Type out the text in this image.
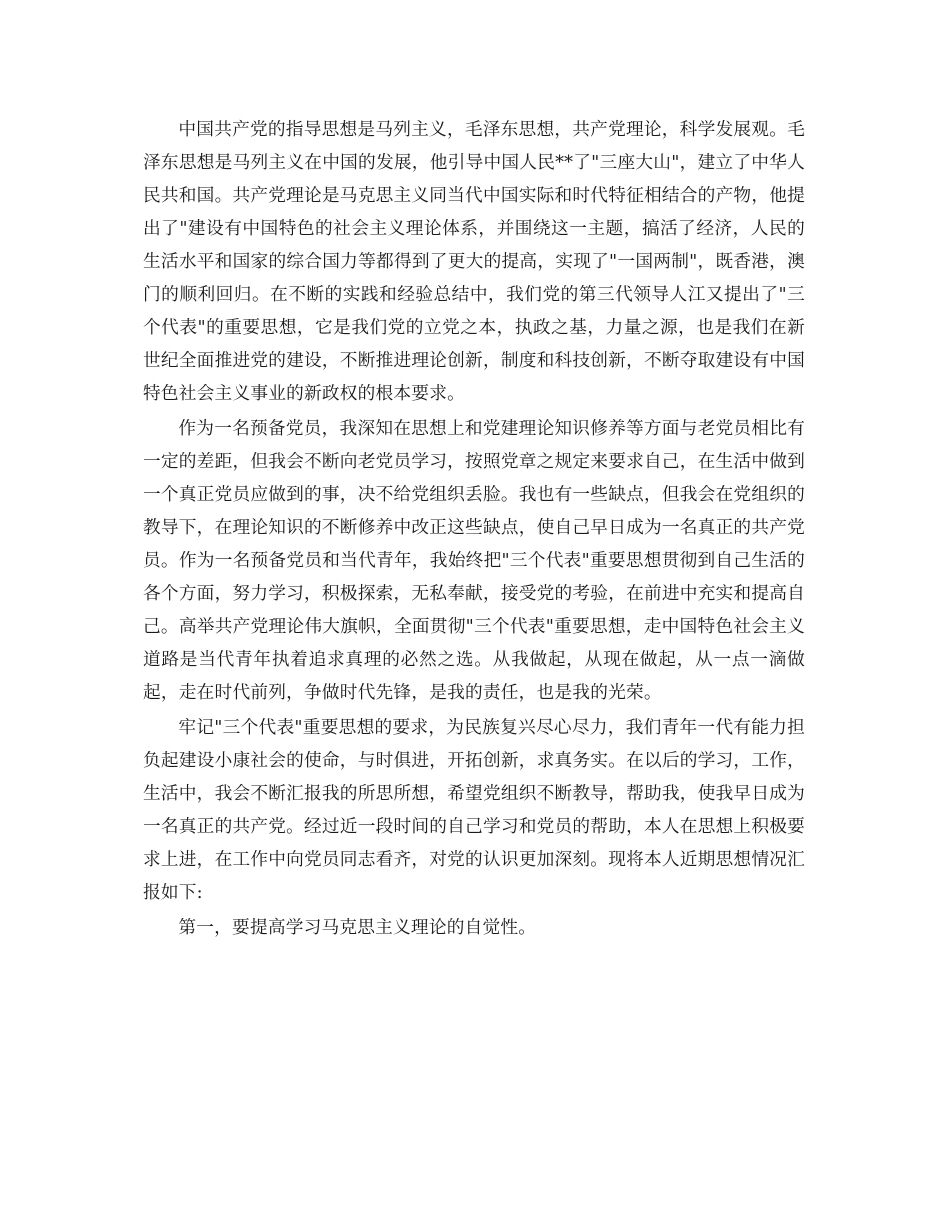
中国共产党的指导思想是马列主义，毛泽东思想，共产党理论，科学发展观。毛泽东思想是马列主义在中国的发展，他引导中国人民**了"三座大山"，建立了中华人民共和国。共产党理论是马克思主义同当代中国实际和时代特征相结合的产物，他提出了"建设有中国特色的社会主义理论体系，并围绕这一主题，搞活了经济，人民的生活水平和国家的综合国力等都得到了更大的提高，实现了"一国两制"，既香港，澳门的顺利回归。在不断的实践和经验总结中，我们党的第三代领导人江又提出了"三个代表"的重要思想，它是我们党的立党之本，执政之基，力量之源，也是我们在新世纪全面推进党的建设，不断推进理论创新，制度和科技创新，不断夺取建设有中国特色社会主义事业的新政权的根本要求。

作为一名预备党员，我深知在思想上和党建理论知识修养等方面与老党员相比有一定的差距，但我会不断向老党员学习，按照党章之规定来要求自己，在生活中做到一个真正党员应做到的事，决不给党组织丢脸。我也有一些缺点，但我会在党组织的教导下，在理论知识的不断修养中改正这些缺点，使自己早日成为一名真正的共产党员。作为一名预备党员和当代青年，我始终把"三个代表"重要思想贯彻到自己生活的各个方面，努力学习，积极探索，无私奉献，接受党的考验，在前进中充实和提高自己。高举共产党理论伟大旗帜，全面贯彻"三个代表"重要思想，走中国特色社会主义道路是当代青年执着追求真理的必然之选。从我做起，从现在做起，从一点一滴做起，走在时代前列，争做时代先锋，是我的责任，也是我的光荣。

牢记"三个代表"重要思想的要求，为民族复兴尽心尽力，我们青年一代有能力担负起建设小康社会的使命，与时俱进，开拓创新，求真务实。在以后的学习，工作，生活中，我会不断汇报我的所思所想，希望党组织不断教导，帮助我，使我早日成为一名真正的共产党。经过近一段时间的自己学习和党员的帮助，本人在思想上积极要求上进，在工作中向党员同志看齐，对党的认识更加深刻。现将本人近期思想情况汇报如下:

第一，要提高学习马克思主义理论的自觉性。
